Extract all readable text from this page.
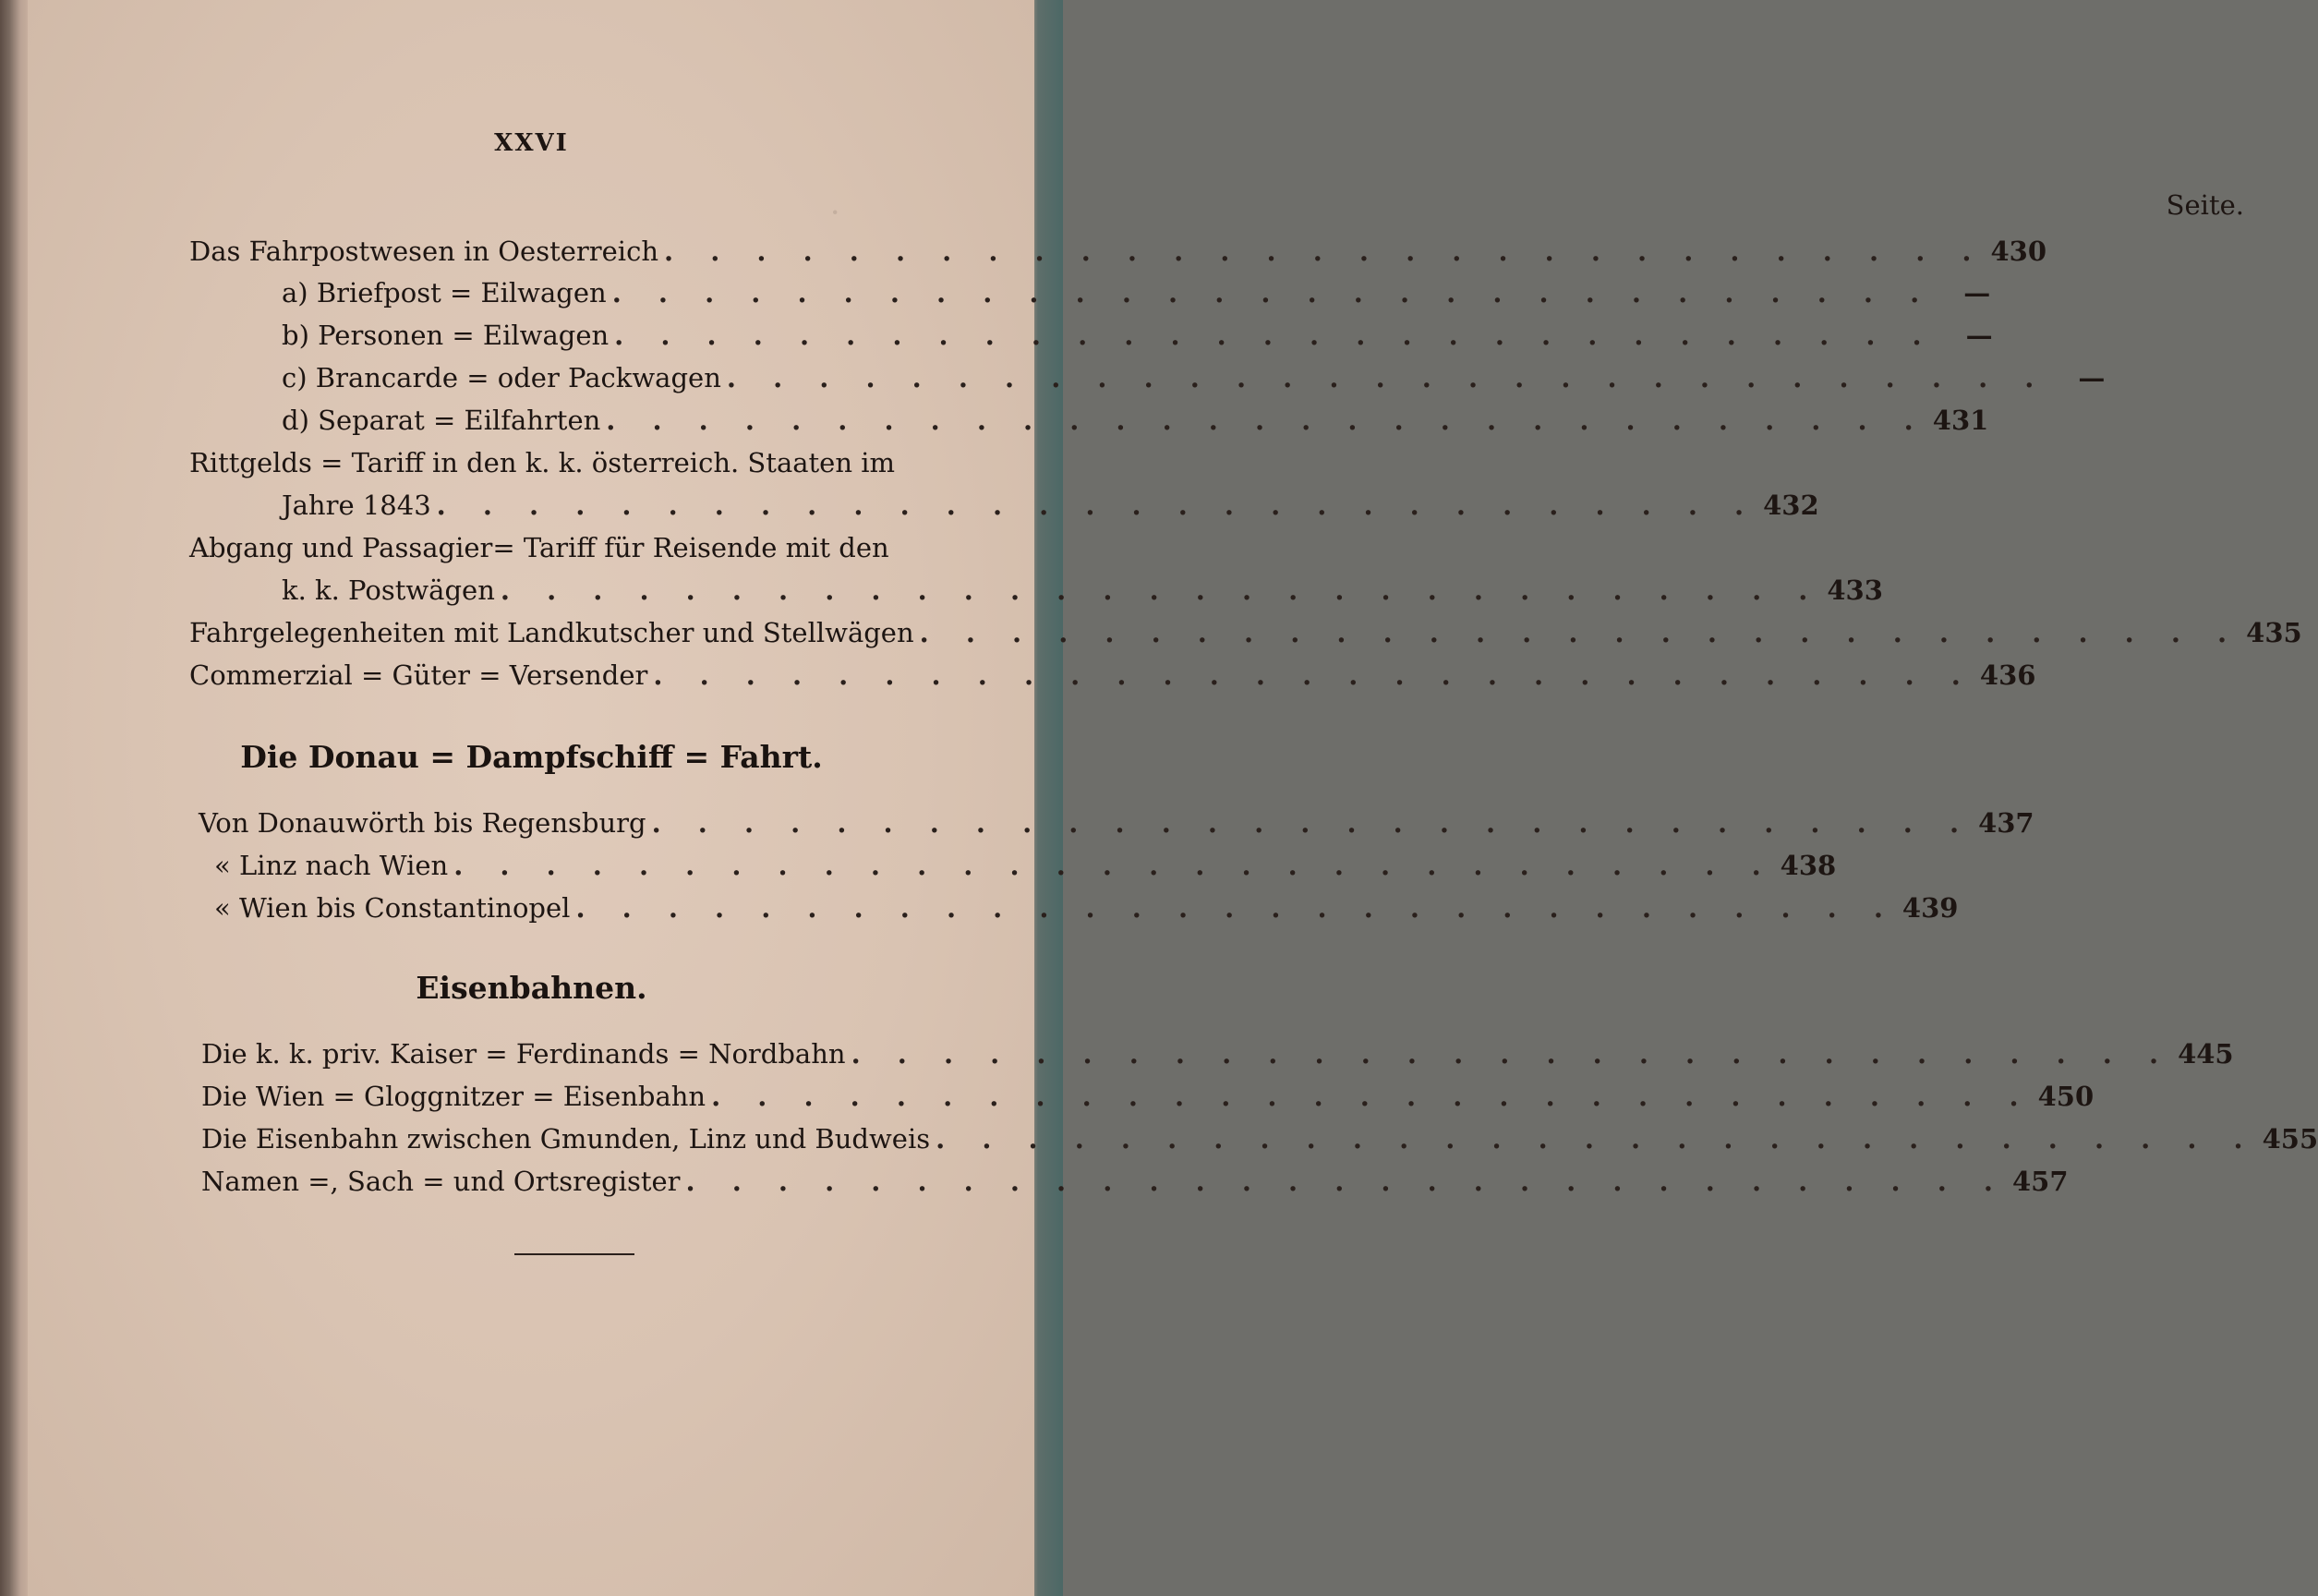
·
XXVI
Seite.
Das Fahrpostwesen in Oesterreich . . . . . . . . . . . . . . . . . . . . . . . . . . . . . 430
a) Briefpost = Eilwagen . . . . . . . . . . . . . . . . . . . . . . . . . . . . .	—
b) Personen = Eilwagen . . . . . . . . . . . . . . . . . . . . . . . . . . . . .	—
c) Brancarde = oder Packwagen . . . . . . . . . . . . . . . . . . . . . . . . . . . . .	—
d) Separat = Eilfahrten . . . . . . . . . . . . . . . . . . . . . . . . . . . . . 431
Rittgelds = Tariff in den k. k. österreich. Staaten im
Jahre 1843 . . . . . . . . . . . . . . . . . . . . . . . . . . . . . 432
Abgang und Passagier= Tariff für Reisende mit den
k. k. Postwägen . . . . . . . . . . . . . . . . . . . . . . . . . . . . . 433
Fahrgelegenheiten mit Landkutscher und Stellwägen . . . . . . . . . . . . . . . . . . . . . . . . . . . . . 435
Commerzial = Güter = Versender . . . . . . . . . . . . . . . . . . . . . . . . . . . . . 436
Die Donau = Dampfschiff = Fahrt.
Von Donauwörth bis Regensburg . . . . . . . . . . . . . . . . . . . . . . . . . . . . . 437
« Linz nach Wien . . . . . . . . . . . . . . . . . . . . . . . . . . . . . 438
« Wien bis Constantinopel . . . . . . . . . . . . . . . . . . . . . . . . . . . . . 439
Eisenbahnen.
Die k. k. priv. Kaiser = Ferdinands = Nordbahn . . . . . . . . . . . . . . . . . . . . . . . . . . . . . 445
Die Wien = Gloggnitzer = Eisenbahn . . . . . . . . . . . . . . . . . . . . . . . . . . . . . 450
Die Eisenbahn zwischen Gmunden, Linz und Budweis . . . . . . . . . . . . . . . . . . . . . . . . . . . . . 455
Namen =, Sach = und Ortsregister . . . . . . . . . . . . . . . . . . . . . . . . . . . . . 457
